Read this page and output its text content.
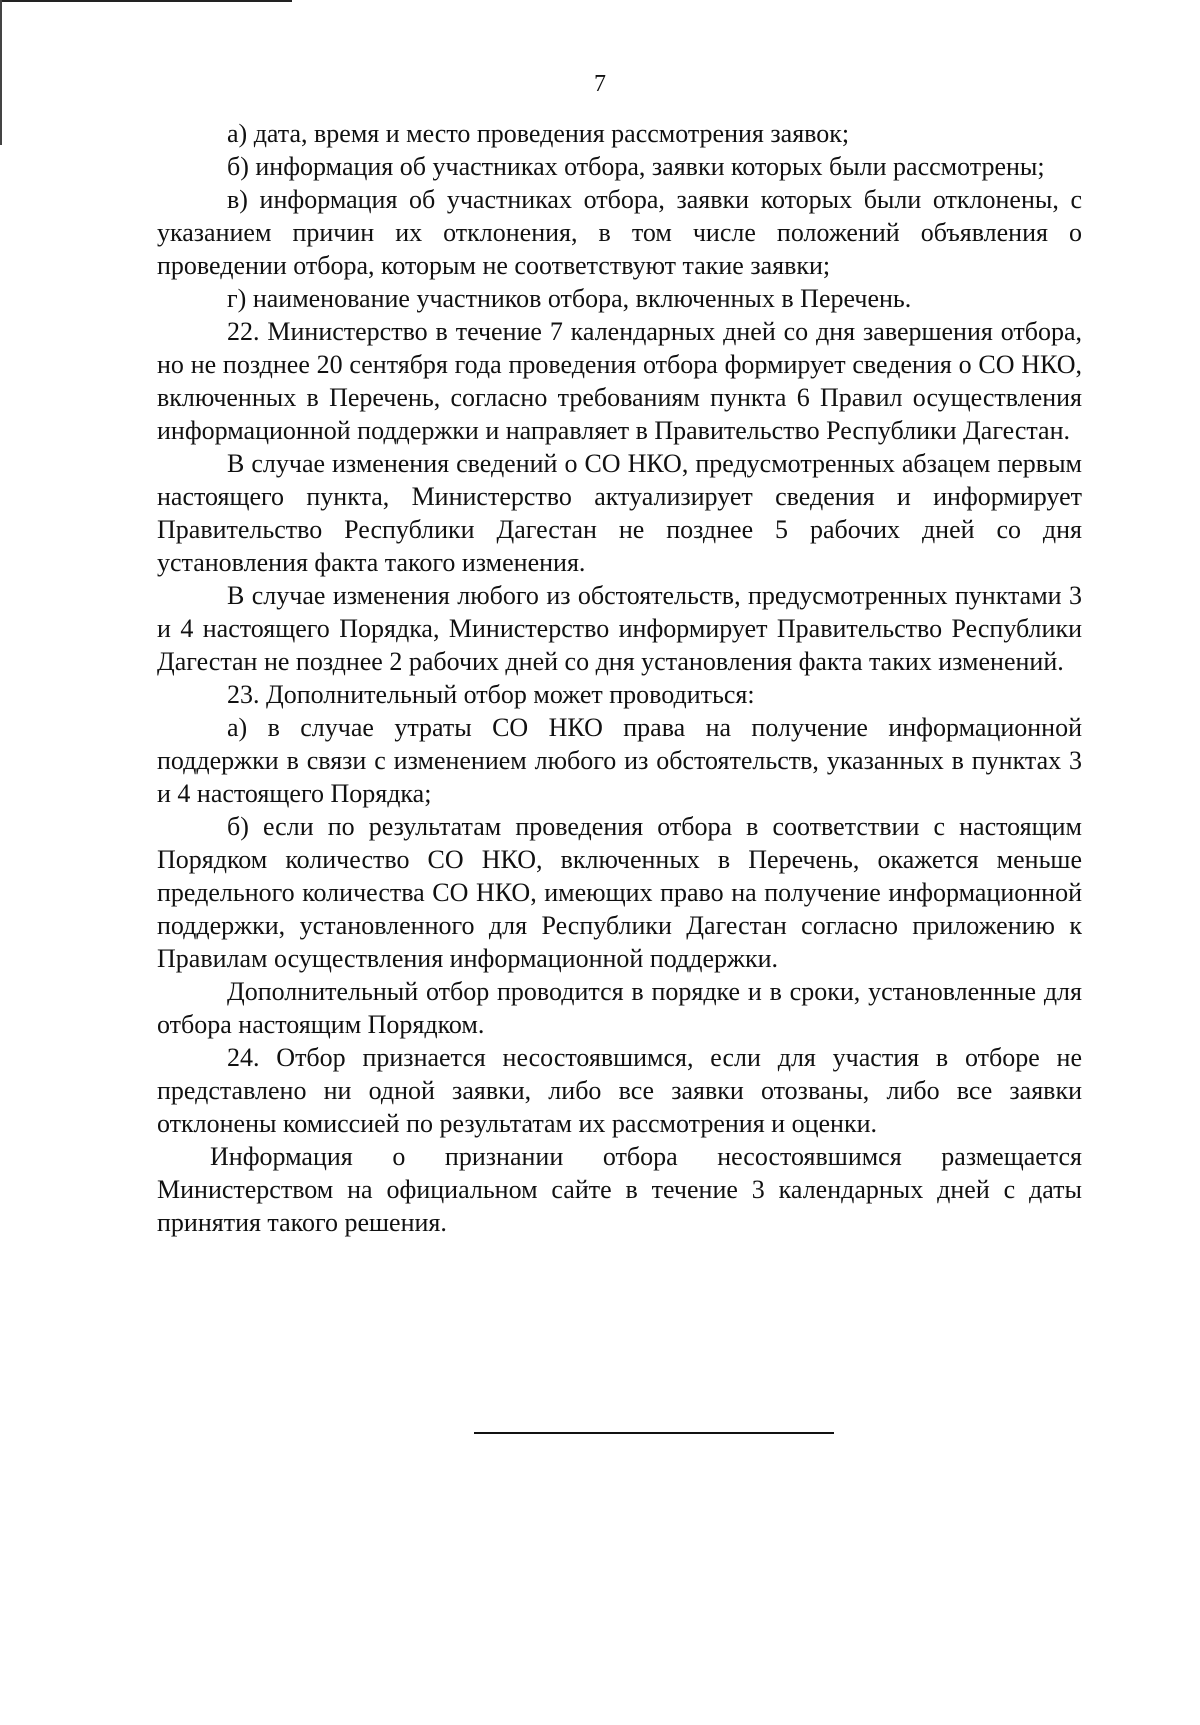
7

а) дата, время и место проведения рассмотрения заявок;

б) информация об участниках отбора, заявки которых были рассмотрены;

в) информация об участниках отбора, заявки которых были отклонены, с указанием причин их отклонения, в том числе положений объявления о проведении отбора, которым не соответствуют такие заявки;

г) наименование участников отбора, включенных в Перечень.

22. Министерство в течение 7 календарных дней со дня завершения отбора, но не позднее 20 сентября года проведения отбора формирует сведения о СО НКО, включенных в Перечень, согласно требованиям пункта 6 Правил осуществления информационной поддержки и направляет в Правительство Республики Дагестан.

В случае изменения сведений о СО НКО, предусмотренных абзацем первым настоящего пункта, Министерство актуализирует сведения и информирует Правительство Республики Дагестан не позднее 5 рабочих дней со дня установления факта такого изменения.

В случае изменения любого из обстоятельств, предусмотренных пунктами 3 и 4 настоящего Порядка, Министерство информирует Правительство Республики Дагестан не позднее 2 рабочих дней со дня установления факта таких изменений.

23. Дополнительный отбор может проводиться:

а) в случае утраты СО НКО права на получение информационной поддержки в связи с изменением любого из обстоятельств, указанных в пунктах 3 и 4 настоящего Порядка;

б) если по результатам проведения отбора в соответствии с настоящим Порядком количество СО НКО, включенных в Перечень, окажется меньше предельного количества СО НКО, имеющих право на получение информационной поддержки, установленного для Республики Дагестан согласно приложению к Правилам осуществления информационной поддержки.

Дополнительный отбор проводится в порядке и в сроки, установленные для отбора настоящим Порядком.

24. Отбор признается несостоявшимся, если для участия в отборе не представлено ни одной заявки, либо все заявки отозваны, либо все заявки отклонены комиссией по результатам их рассмотрения и оценки.

Информация о признании отбора несостоявшимся размещается Министерством на официальном сайте в течение 3 календарных дней с даты принятия такого решения.
